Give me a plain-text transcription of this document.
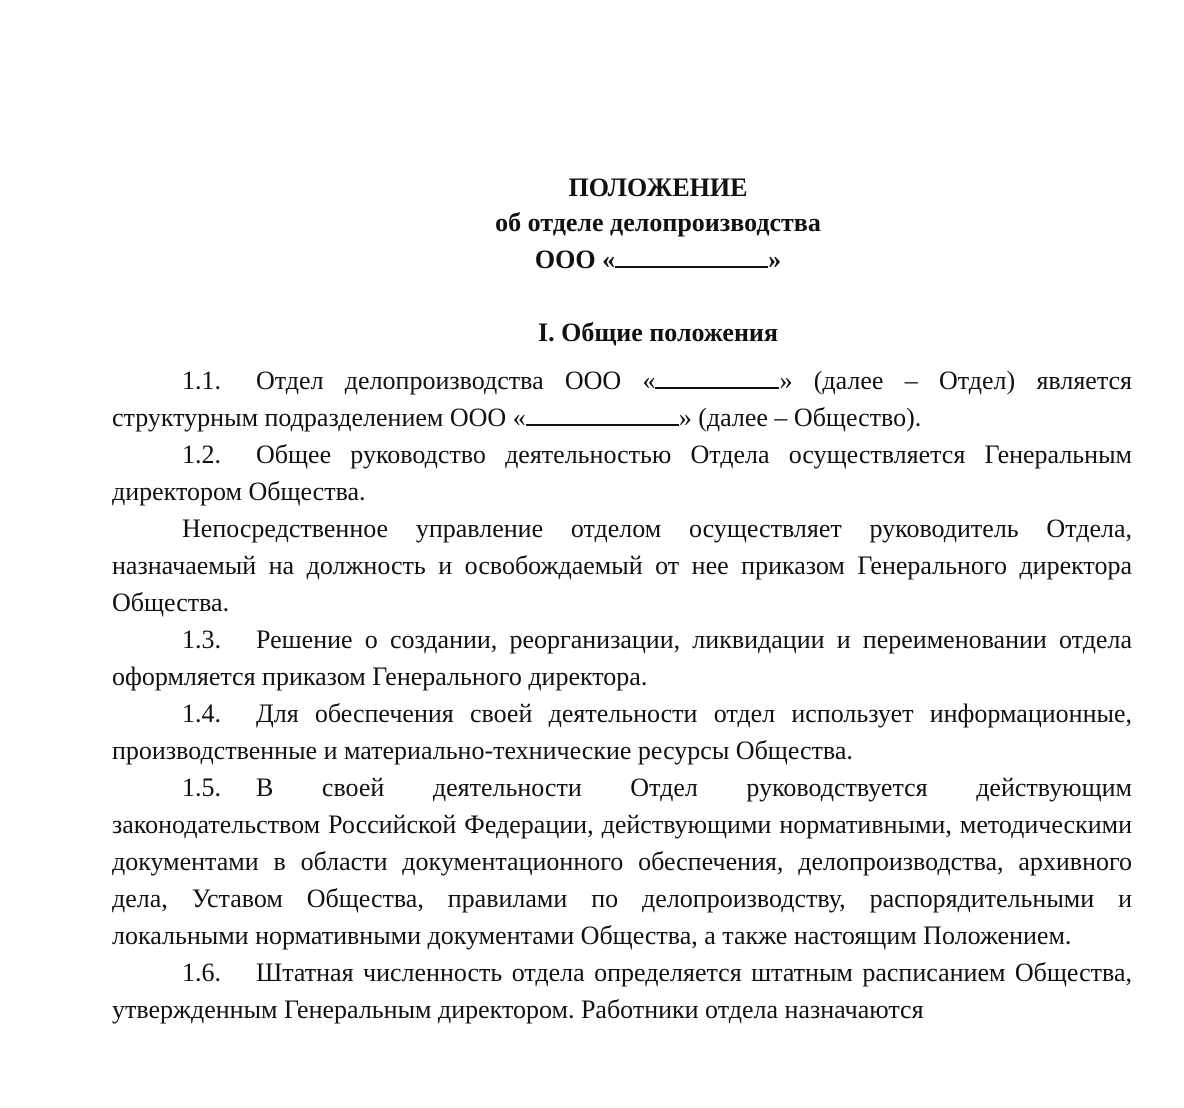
ПОЛОЖЕНИЕ
об отделе делопроизводства
ООО «	»
I. Общие положения

1.1. Отдел делопроизводства ООО «	» (далее – Отдел) является структурным подразделением ООО «	» (далее – Общество).

1.2. Общее руководство деятельностью Отдела осуществляется Генеральным директором Общества.

Непосредственное управление отделом осуществляет руководитель Отдела, назначаемый на должность и освобождаемый от нее приказом Генерального директора Общества.

1.3. Решение о создании, реорганизации, ликвидации и переименовании отдела оформляется приказом Генерального директора.

1.4. Для обеспечения своей деятельности отдел использует информационные, производственные и материально-технические ресурсы Общества.

1.5. В своей деятельности Отдел руководствуется действующим законодательством Российской Федерации, действующими нормативными, методическими документами в области документационного обеспечения, делопроизводства, архивного дела, Уставом Общества, правилами по делопроизводству, распорядительными и локальными нормативными документами Общества, а также настоящим Положением.

1.6. Штатная численность отдела определяется штатным расписанием Общества, утвержденным Генеральным директором. Работники отдела назначаются
